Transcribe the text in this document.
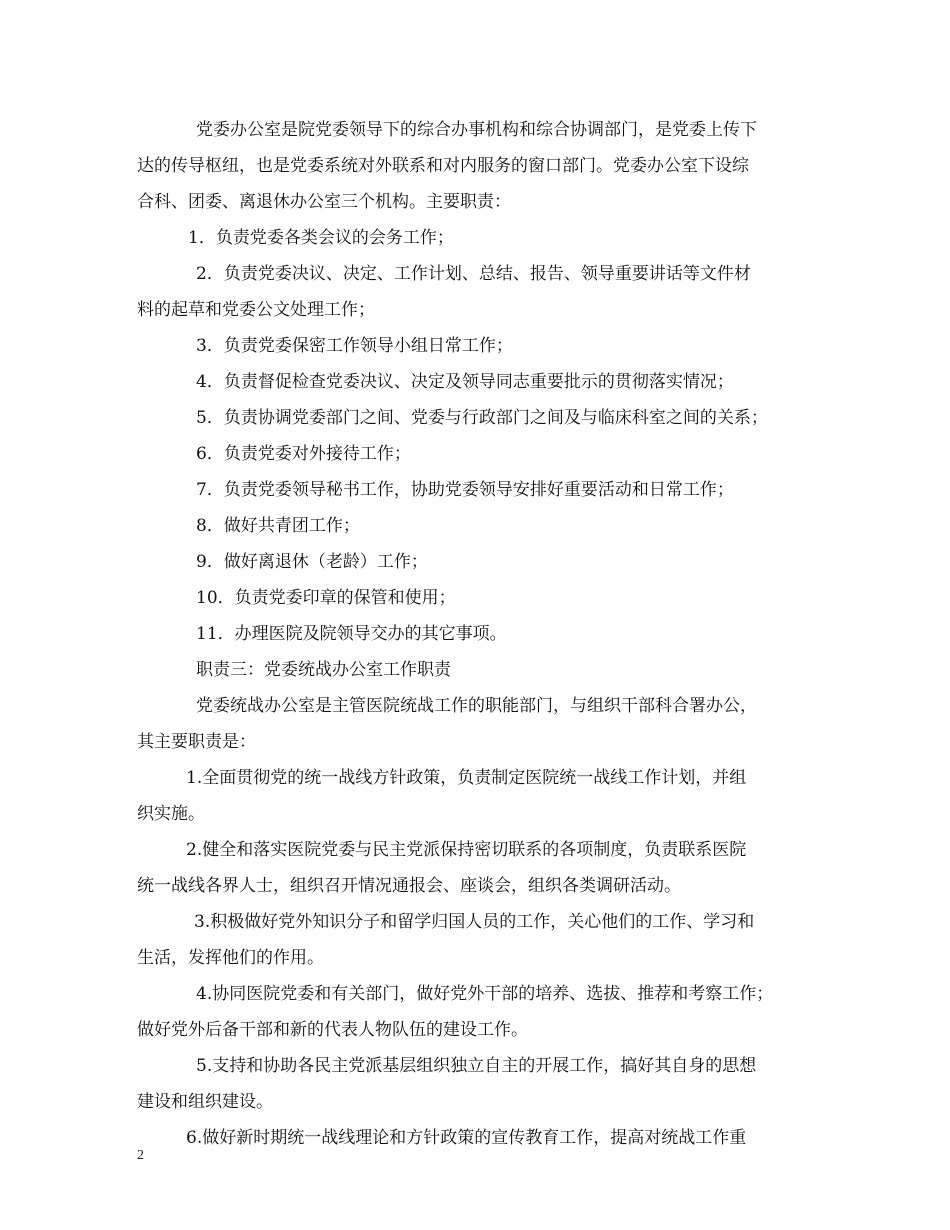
党委办公室是院党委领导下的综合办事机构和综合协调部门，是党委上传下
达的传导枢纽，也是党委系统对外联系和对内服务的窗口部门。党委办公室下设综
合科、团委、离退休办公室三个机构。主要职责：
1．负责党委各类会议的会务工作；
2．负责党委决议、决定、工作计划、总结、报告、领导重要讲话等文件材
料的起草和党委公文处理工作；
3．负责党委保密工作领导小组日常工作；
4．负责督促检查党委决议、决定及领导同志重要批示的贯彻落实情况；
5．负责协调党委部门之间、党委与行政部门之间及与临床科室之间的关系；
6．负责党委对外接待工作；
7．负责党委领导秘书工作，协助党委领导安排好重要活动和日常工作；
8．做好共青团工作；
9．做好离退休（老龄）工作；
10．负责党委印章的保管和使用；
11．办理医院及院领导交办的其它事项。
职责三：党委统战办公室工作职责
党委统战办公室是主管医院统战工作的职能部门，与组织干部科合署办公，
其主要职责是：
1.全面贯彻党的统一战线方针政策，负责制定医院统一战线工作计划，并组
织实施。
2.健全和落实医院党委与民主党派保持密切联系的各项制度，负责联系医院
统一战线各界人士，组织召开情况通报会、座谈会，组织各类调研活动。
3.积极做好党外知识分子和留学归国人员的工作，关心他们的工作、学习和
生活，发挥他们的作用。
4.协同医院党委和有关部门，做好党外干部的培养、选拔、推荐和考察工作；
做好党外后备干部和新的代表人物队伍的建设工作。
5.支持和协助各民主党派基层组织独立自主的开展工作，搞好其自身的思想
建设和组织建设。
6.做好新时期统一战线理论和方针政策的宣传教育工作，提高对统战工作重
2
